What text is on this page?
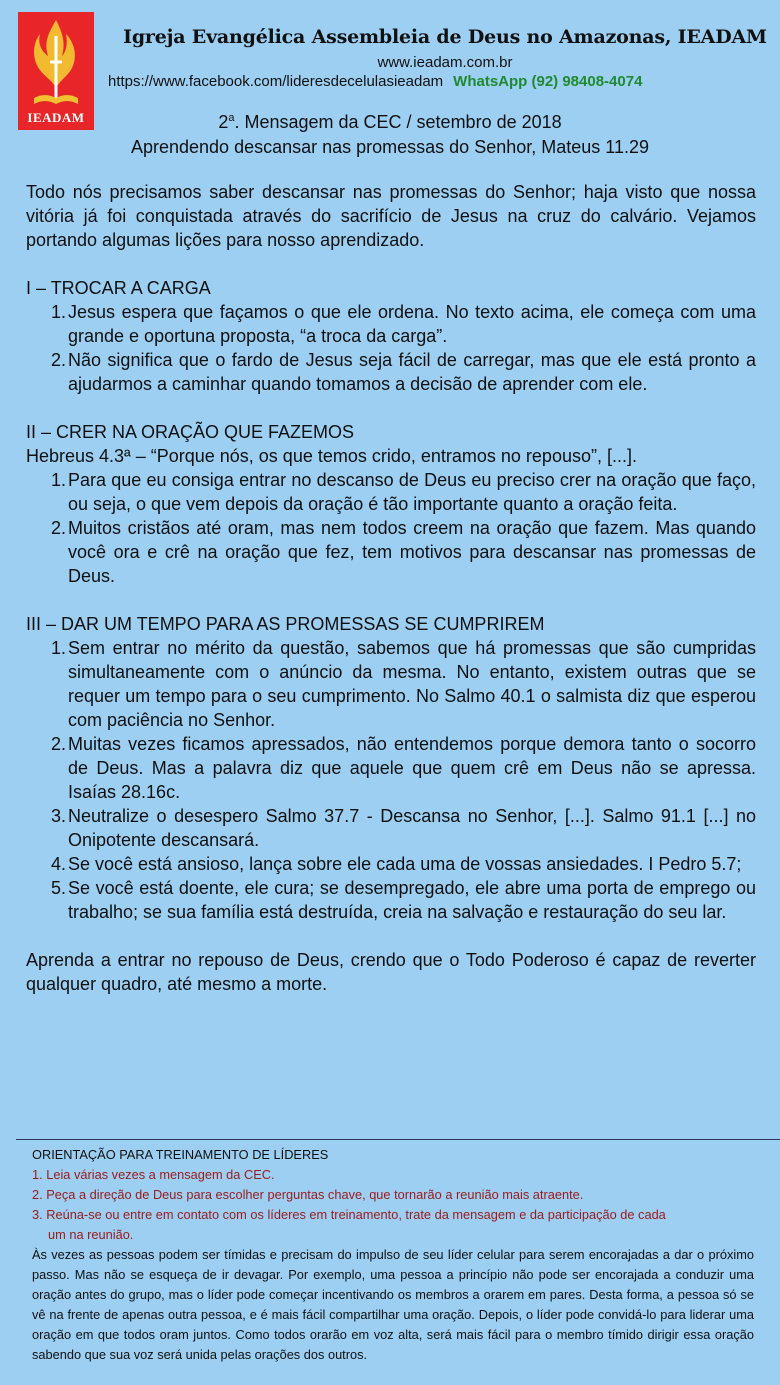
IEADAM
Igreja Evangélica Assembleia de Deus no Amazonas, IEADAM
www.ieadam.com.br
https://www.facebook.com/lideresdecelulasieadam WhatsApp (92) 98408-4074
2$^a$. Mensagem da CEC / setembro de 2018
Aprendendo descansar nas promessas do Senhor, Mateus 11.29

Todo nós precisamos saber descansar nas promessas do Senhor; haja visto que nossa vitória já foi conquistada através do sacrifício de Jesus na cruz do calvário. Vejamos portando algumas lições para nosso aprendizado.

I – TROCAR A CARGA
1. Jesus espera que façamos o que ele ordena. No texto acima, ele começa com uma grande e oportuna proposta, “a troca da carga”.
2. Não significa que o fardo de Jesus seja fácil de carregar, mas que ele está pronto a ajudarmos a caminhar quando tomamos a decisão de aprender com ele.
II – CRER NA ORAÇÃO QUE FAZEMOS
Hebreus 4.3ª – “Porque nós, os que temos crido, entramos no repouso”, [...].
1. Para que eu consiga entrar no descanso de Deus eu preciso crer na oração que faço, ou seja, o que vem depois da oração é tão importante quanto a oração feita.
2. Muitos cristãos até oram, mas nem todos creem na oração que fazem. Mas quando você ora e crê na oração que fez, tem motivos para descansar nas promessas de Deus.
III – DAR UM TEMPO PARA AS PROMESSAS SE CUMPRIREM
1. Sem entrar no mérito da questão, sabemos que há promessas que são cumpridas simultaneamente com o anúncio da mesma. No entanto, existem outras que se requer um tempo para o seu cumprimento. No Salmo 40.1 o salmista diz que esperou com paciência no Senhor.
2. Muitas vezes ficamos apressados, não entendemos porque demora tanto o socorro de Deus. Mas a palavra diz que aquele que quem crê em Deus não se apressa. Isaías 28.16c.
3. Neutralize o desespero Salmo 37.7 - Descansa no Senhor, [...]. Salmo 91.1 [...] no Onipotente descansará.
4. Se você está ansioso, lança sobre ele cada uma de vossas ansiedades. I Pedro 5.7;
5. Se você está doente, ele cura; se desempregado, ele abre uma porta de emprego ou trabalho; se sua família está destruída, creia na salvação e restauração do seu lar.

Aprenda a entrar no repouso de Deus, crendo que o Todo Poderoso é capaz de reverter qualquer quadro, até mesmo a morte.

ORIENTAÇÃO PARA TREINAMENTO DE LÍDERES
1. Leia várias vezes a mensagem da CEC.
2. Peça a direção de Deus para escolher perguntas chave, que tornarão a reunião mais atraente.
3. Reúna-se ou entre em contato com os líderes em treinamento, trate da mensagem e da participação de cada
um na reunião.

Às vezes as pessoas podem ser tímidas e precisam do impulso de seu líder celular para serem encorajadas a dar o próximo passo. Mas não se esqueça de ir devagar. Por exemplo, uma pessoa a princípio não pode ser encorajada a conduzir uma oração antes do grupo, mas o líder pode começar incentivando os membros a orarem em pares. Desta forma, a pessoa só se vê na frente de apenas outra pessoa, e é mais fácil compartilhar uma oração. Depois, o líder pode convidá-lo para liderar uma oração em que todos oram juntos. Como todos orarão em voz alta, será mais fácil para o membro tímido dirigir essa oração sabendo que sua voz será unida pelas orações dos outros.
